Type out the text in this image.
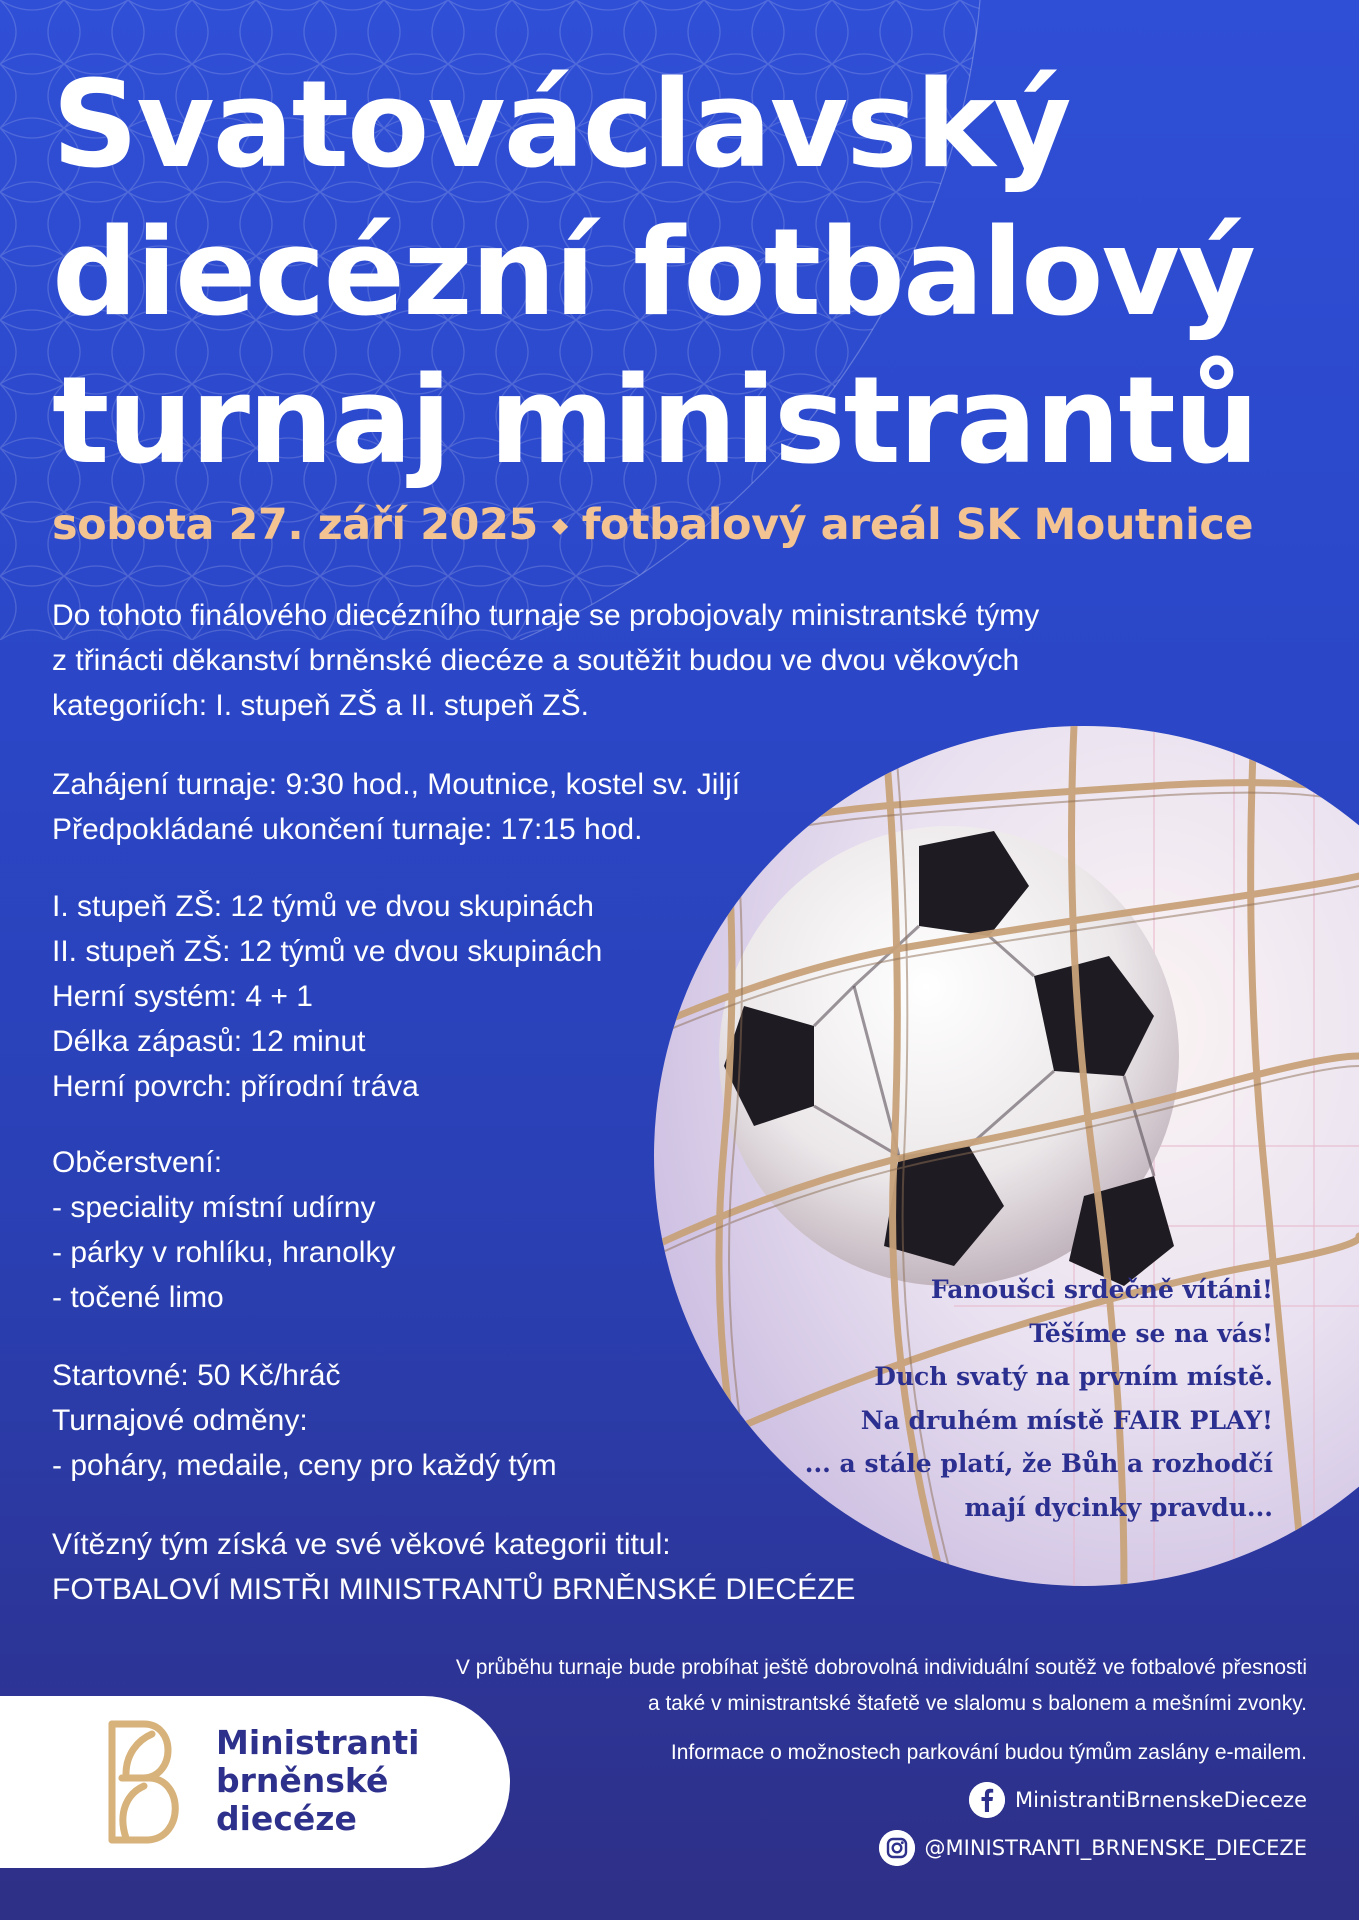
Svatováclavský
diecézní fotbalový
turnaj ministrantů
sobota 27. září 2025 ⬩ fotbalový areál SK Moutnice
Do tohoto finálového diecézního turnaje se probojovaly ministrantské týmy
z třinácti děkanství brněnské diecéze a soutěžit budou ve dvou věkových
kategoriích: I. stupeň ZŠ a II. stupeň ZŠ.
Zahájení turnaje: 9:30 hod., Moutnice, kostel sv. Jiljí
Předpokládané ukončení turnaje: 17:15 hod.
I. stupeň ZŠ: 12 týmů ve dvou skupinách
II. stupeň ZŠ: 12 týmů ve dvou skupinách
Herní systém: 4 + 1
Délka zápasů: 12 minut
Herní povrch: přírodní tráva
Občerstvení:
- speciality místní udírny
- párky v rohlíku, hranolky
- točené limo
Startovné: 50 Kč/hráč
Turnajové odměny:
- poháry, medaile, ceny pro každý tým
Vítězný tým získá ve své věkové kategorii titul:
FOTBALOVÍ MISTŘI MINISTRANTŮ BRNĚNSKÉ DIECÉZE
Fanoušci srdečně vítáni!
Těšíme se na vás!
Duch svatý na prvním místě.
Na druhém místě FAIR PLAY!
... a stále platí, že Bůh a rozhodčí
mají dycinky pravdu...
V průběhu turnaje bude probíhat ještě dobrovolná individuální soutěž ve fotbalové přesnosti
a také v ministrantské štafetě ve slalomu s balonem a mešními zvonky.
Informace o možnostech parkování budou týmům zaslány e-mailem.
Ministranti
brněnské
diecéze	MinistrantiBrnenskeDieceze
@MINISTRANTI_BRNENSKE_DIECEZE
